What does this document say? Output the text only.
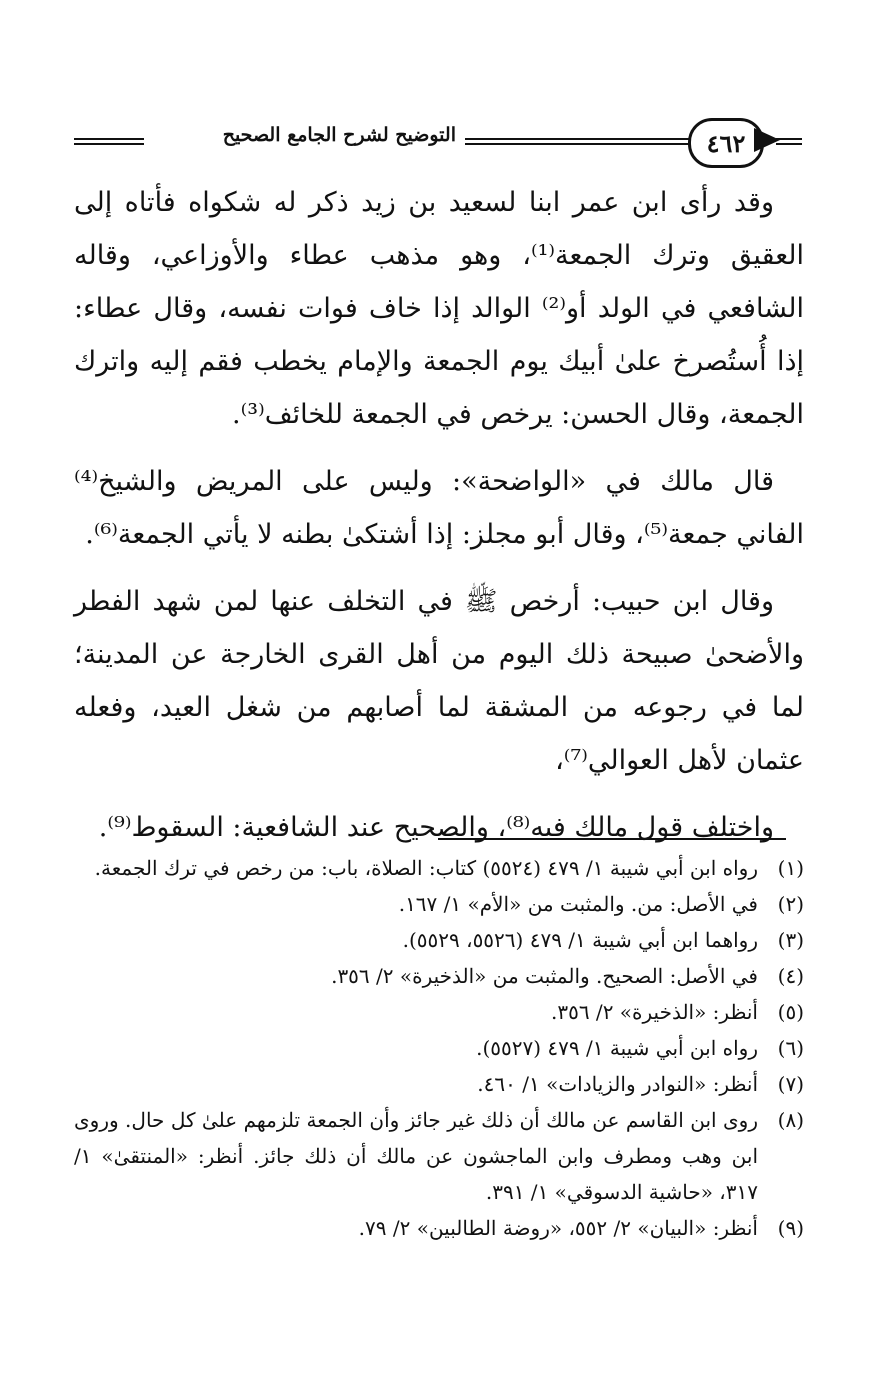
التوضيح لشرح الجامع الصحيح	٤٦٢

وقد رأى ابن عمر ابنا لسعيد بن زيد ذكر له شكواه فأتاه إلى العقيق وترك الجمعة⁽¹⁾، وهو مذهب عطاء والأوزاعي، وقاله الشافعي في الولد أو⁽²⁾ الوالد إذا خاف فوات نفسه، وقال عطاء: إذا أُستُصرخ علىٰ أبيك يوم الجمعة والإمام يخطب فقم إليه واترك الجمعة، وقال الحسن: يرخص في الجمعة للخائف⁽³⁾.

قال مالك في «الواضحة»: وليس على المريض والشيخ⁽⁴⁾ الفاني جمعة⁽⁵⁾، وقال أبو مجلز: إذا أشتكىٰ بطنه لا يأتي الجمعة⁽⁶⁾.

وقال ابن حبيب: أرخص ﷺ في التخلف عنها لمن شهد الفطر والأضحىٰ صبيحة ذلك اليوم من أهل القرى الخارجة عن المدينة؛ لما في رجوعه من المشقة لما أصابهم من شغل العيد، وفعله عثمان لأهل العوالي⁽⁷⁾،

واختلف قول مالك فيه⁽⁸⁾، والصحيح عند الشافعية: السقوط⁽⁹⁾.

(١)
رواه ابن أبي شيبة ١/ ٤٧٩ (٥٥٢٤) كتاب: الصلاة، باب: من رخص في ترك الجمعة.
(٢)
في الأصل: من. والمثبت من «الأم» ١/ ١٦٧.
(٣)
رواهما ابن أبي شيبة ١/ ٤٧٩ (٥٥٢٦، ٥٥٢٩).
(٤)
في الأصل: الصحيح. والمثبت من «الذخيرة» ٢/ ٣٥٦.
(٥)
أنظر: «الذخيرة» ٢/ ٣٥٦.
(٦)
رواه ابن أبي شيبة ١/ ٤٧٩ (٥٥٢٧).
(٧)
أنظر: «النوادر والزيادات» ١/ ٤٦٠.
(٨)
روى ابن القاسم عن مالك أن ذلك غير جائز وأن الجمعة تلزمهم علىٰ كل حال. وروى ابن وهب ومطرف وابن الماجشون عن مالك أن ذلك جائز. أنظر: «المنتقىٰ» ١/ ٣١٧، «حاشية الدسوقي» ١/ ٣٩١.
(٩)
أنظر: «البيان» ٢/ ٥٥٢، «روضة الطالبين» ٢/ ٧٩.
